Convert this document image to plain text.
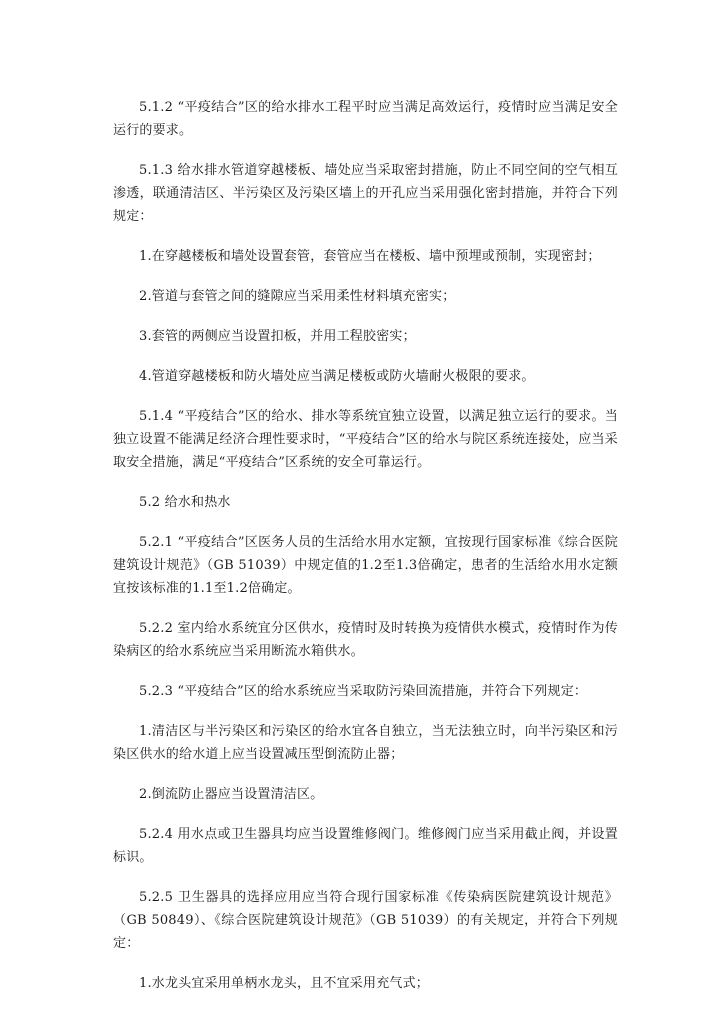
5.1.2 “平疫结合”区的给水排水工程平时应当满足高效运行，疫情时应当满足安全运行的要求。

5.1.3 给水排水管道穿越楼板、墙处应当采取密封措施，防止不同空间的空气相互渗透，联通清洁区、半污染区及污染区墙上的开孔应当采用强化密封措施，并符合下列规定：

1.在穿越楼板和墙处设置套管，套管应当在楼板、墙中预埋或预制，实现密封；

2.管道与套管之间的缝隙应当采用柔性材料填充密实；

3.套管的两侧应当设置扣板，并用工程胶密实；

4.管道穿越楼板和防火墙处应当满足楼板或防火墙耐火极限的要求。

5.1.4 “平疫结合”区的给水、排水等系统宜独立设置，以满足独立运行的要求。当独立设置不能满足经济合理性要求时，“平疫结合”区的给水与院区系统连接处，应当采取安全措施，满足“平疫结合”区系统的安全可靠运行。

5.2 给水和热水

5.2.1 “平疫结合”区医务人员的生活给水用水定额，宜按现行国家标准《综合医院建筑设计规范》（GB 51039）中规定值的1.2至1.3倍确定，患者的生活给水用水定额宜按该标准的1.1至1.2倍确定。

5.2.2 室内给水系统宜分区供水，疫情时及时转换为疫情供水模式，疫情时作为传染病区的给水系统应当采用断流水箱供水。

5.2.3 “平疫结合”区的给水系统应当采取防污染回流措施，并符合下列规定：

1.清洁区与半污染区和污染区的给水宜各自独立，当无法独立时，向半污染区和污染区供水的给水道上应当设置减压型倒流防止器；

2.倒流防止器应当设置清洁区。

5.2.4 用水点或卫生器具均应当设置维修阀门。维修阀门应当采用截止阀，并设置标识。

5.2.5 卫生器具的选择应用应当符合现行国家标准《传染病医院建筑设计规范》（GB 50849）、《综合医院建筑设计规范》（GB 51039）的有关规定，并符合下列规定：

1.水龙头宜采用单柄水龙头，且不宜采用充气式；
